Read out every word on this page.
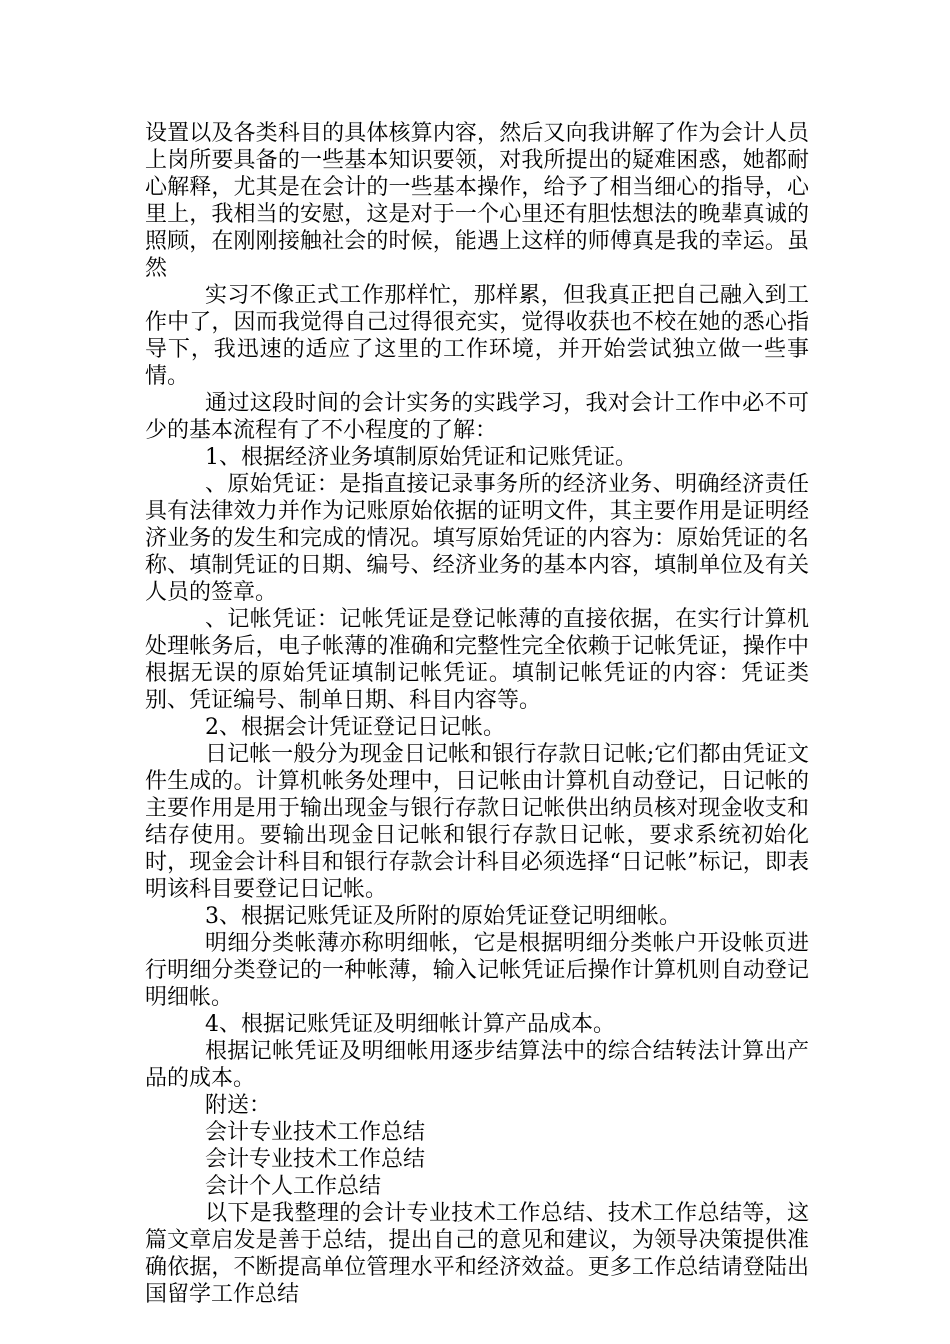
设置以及各类科目的具体核算内容，然后又向我讲解了作为会计人员上岗所要具备的一些基本知识要领，对我所提出的疑难困惑，她都耐心解释，尤其是在会计的一些基本操作，给予了相当细心的指导，心里上，我相当的安慰，这是对于一个心里还有胆怯想法的晚辈真诚的照顾，在刚刚接触社会的时候，能遇上这样的师傅真是我的幸运。虽然

实习不像正式工作那样忙，那样累，但我真正把自己融入到工作中了，因而我觉得自己过得很充实，觉得收获也不校在她的悉心指导下，我迅速的适应了这里的工作环境，并开始尝试独立做一些事情。

通过这段时间的会计实务的实践学习，我对会计工作中必不可少的基本流程有了不小程度的了解：

1、根据经济业务填制原始凭证和记账凭证。

、原始凭证：是指直接记录事务所的经济业务、明确经济责任具有法律效力并作为记账原始依据的证明文件，其主要作用是证明经济业务的发生和完成的情况。填写原始凭证的内容为：原始凭证的名称、填制凭证的日期、编号、经济业务的基本内容，填制单位及有关人员的签章。

、记帐凭证：记帐凭证是登记帐薄的直接依据，在实行计算机处理帐务后，电子帐薄的准确和完整性完全依赖于记帐凭证，操作中根据无误的原始凭证填制记帐凭证。填制记帐凭证的内容：凭证类别、凭证编号、制单日期、科目内容等。

2、根据会计凭证登记日记帐。

日记帐一般分为现金日记帐和银行存款日记帐;它们都由凭证文件生成的。计算机帐务处理中，日记帐由计算机自动登记，日记帐的主要作用是用于输出现金与银行存款日记帐供出纳员核对现金收支和结存使用。要输出现金日记帐和银行存款日记帐，要求系统初始化时，现金会计科目和银行存款会计科目必须选择“日记帐”标记，即表明该科目要登记日记帐。

3、根据记账凭证及所附的原始凭证登记明细帐。

明细分类帐薄亦称明细帐，它是根据明细分类帐户开设帐页进行明细分类登记的一种帐薄，输入记帐凭证后操作计算机则自动登记明细帐。

4、根据记账凭证及明细帐计算产品成本。

根据记帐凭证及明细帐用逐步结算法中的综合结转法计算出产品的成本。

附送：

会计专业技术工作总结

会计专业技术工作总结

会计个人工作总结

以下是我整理的会计专业技术工作总结、技术工作总结等，这篇文章启发是善于总结，提出自己的意见和建议，为领导决策提供准确依据，不断提高单位管理水平和经济效益。更多工作总结请登陆出国留学工作总结
